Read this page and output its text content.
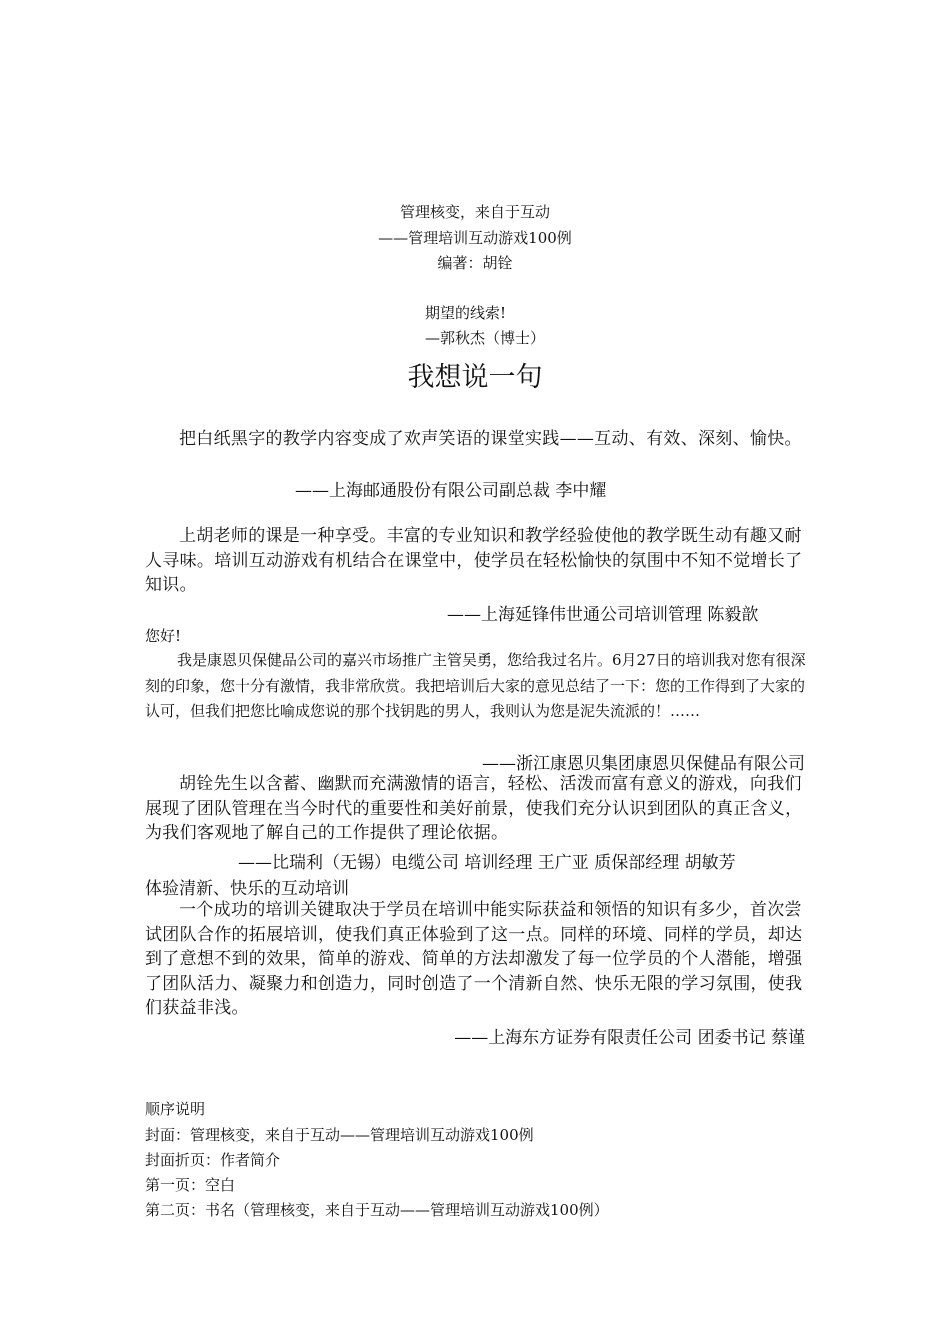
管理核变，来自于互动
——管理培训互动游戏100例
编著：胡铨
期望的线索!
—郭秋杰（博士）
我想说一句
把白纸黑字的教学内容变成了欢声笑语的课堂实践——互动、有效、深刻、愉快。
——上海邮通股份有限公司副总裁 李中耀
上胡老师的课是一种享受。丰富的专业知识和教学经验使他的教学既生动有趣又耐人寻味。培训互动游戏有机结合在课堂中，使学员在轻松愉快的氛围中不知不觉增长了知识。
——上海延锋伟世通公司培训管理 陈毅歆
您好!
我是康恩贝保健品公司的嘉兴市场推广主管吴勇，您给我过名片。6月27日的培训我对您有很深刻的印象，您十分有激情，我非常欣赏。我把培训后大家的意见总结了一下：您的工作得到了大家的认可，但我们把您比喻成您说的那个找钥匙的男人，我则认为您是泥失流派的！……
——浙江康恩贝集团康恩贝保健品有限公司
胡铨先生以含蓄、幽默而充满激情的语言，轻松、活泼而富有意义的游戏，向我们展现了团队管理在当今时代的重要性和美好前景，使我们充分认识到团队的真正含义，为我们客观地了解自己的工作提供了理论依据。
——比瑞利（无锡）电缆公司 培训经理 王广亚 质保部经理 胡敏芳
体验清新、快乐的互动培训
一个成功的培训关键取决于学员在培训中能实际获益和领悟的知识有多少，首次尝试团队合作的拓展培训，使我们真正体验到了这一点。同样的环境、同样的学员，却达到了意想不到的效果，简单的游戏、简单的方法却激发了每一位学员的个人潜能，增强了团队活力、凝聚力和创造力，同时创造了一个清新自然、快乐无限的学习氛围，使我们获益非浅。
——上海东方证券有限责任公司 团委书记 蔡谨
顺序说明
封面：管理核变，来自于互动——管理培训互动游戏100例
封面折页：作者简介
第一页：空白
第二页：书名（管理核变，来自于互动——管理培训互动游戏100例）
